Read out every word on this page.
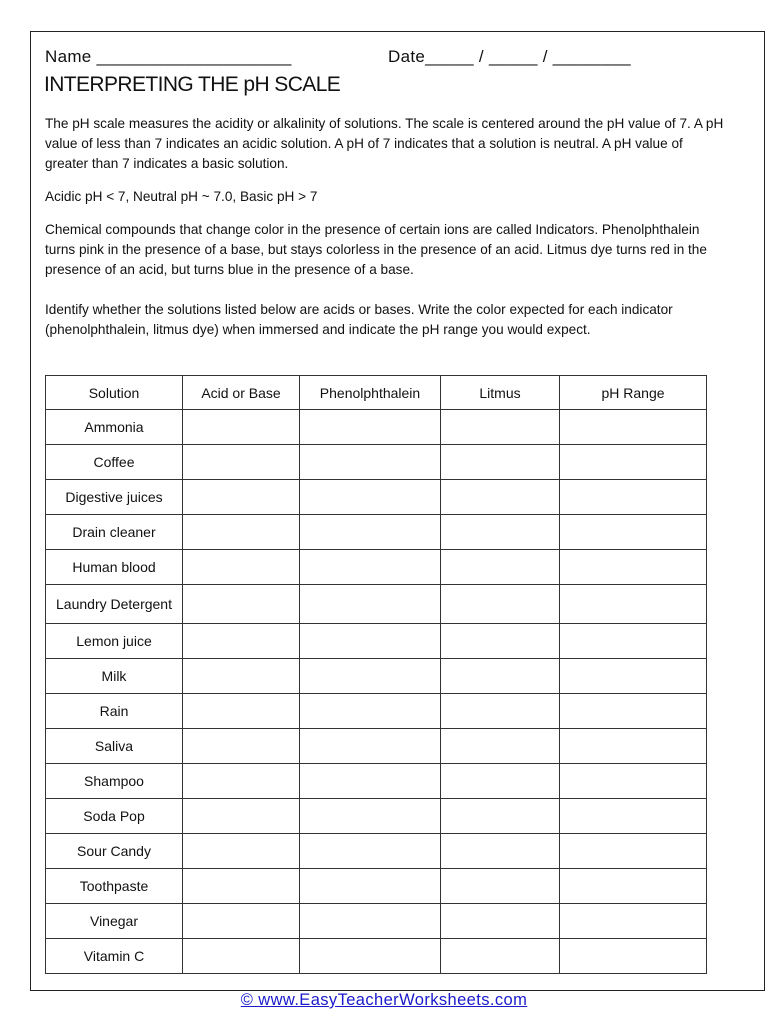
Name ____________________	Date_____ / _____ / ________
INTERPRETING THE pH SCALE
The pH scale measures the acidity or alkalinity of solutions. The scale is centered around the pH value of 7. A pH value of less than 7 indicates an acidic solution. A pH of 7 indicates that a solution is neutral. A pH value of greater than 7 indicates a basic solution.
Acidic pH < 7, Neutral pH ~ 7.0, Basic pH > 7
Chemical compounds that change color in the presence of certain ions are called Indicators. Phenolphthalein turns pink in the presence of a base, but stays colorless in the presence of an acid. Litmus dye turns red in the presence of an acid, but turns blue in the presence of a base.
Identify whether the solutions listed below are acids or bases. Write the color expected for each indicator (phenolphthalein, litmus dye) when immersed and indicate the pH range you would expect.
Solution	Acid or Base	Phenolphthalein	Litmus	pH Range
Ammonia				
Coffee				
Digestive juices				
Drain cleaner				
Human blood				
Laundry Detergent				
Lemon juice				
Milk				
Rain				
Saliva				
Shampoo				
Soda Pop				
Sour Candy				
Toothpaste				
Vinegar				
Vitamin C				
© www.EasyTeacherWorksheets.com
